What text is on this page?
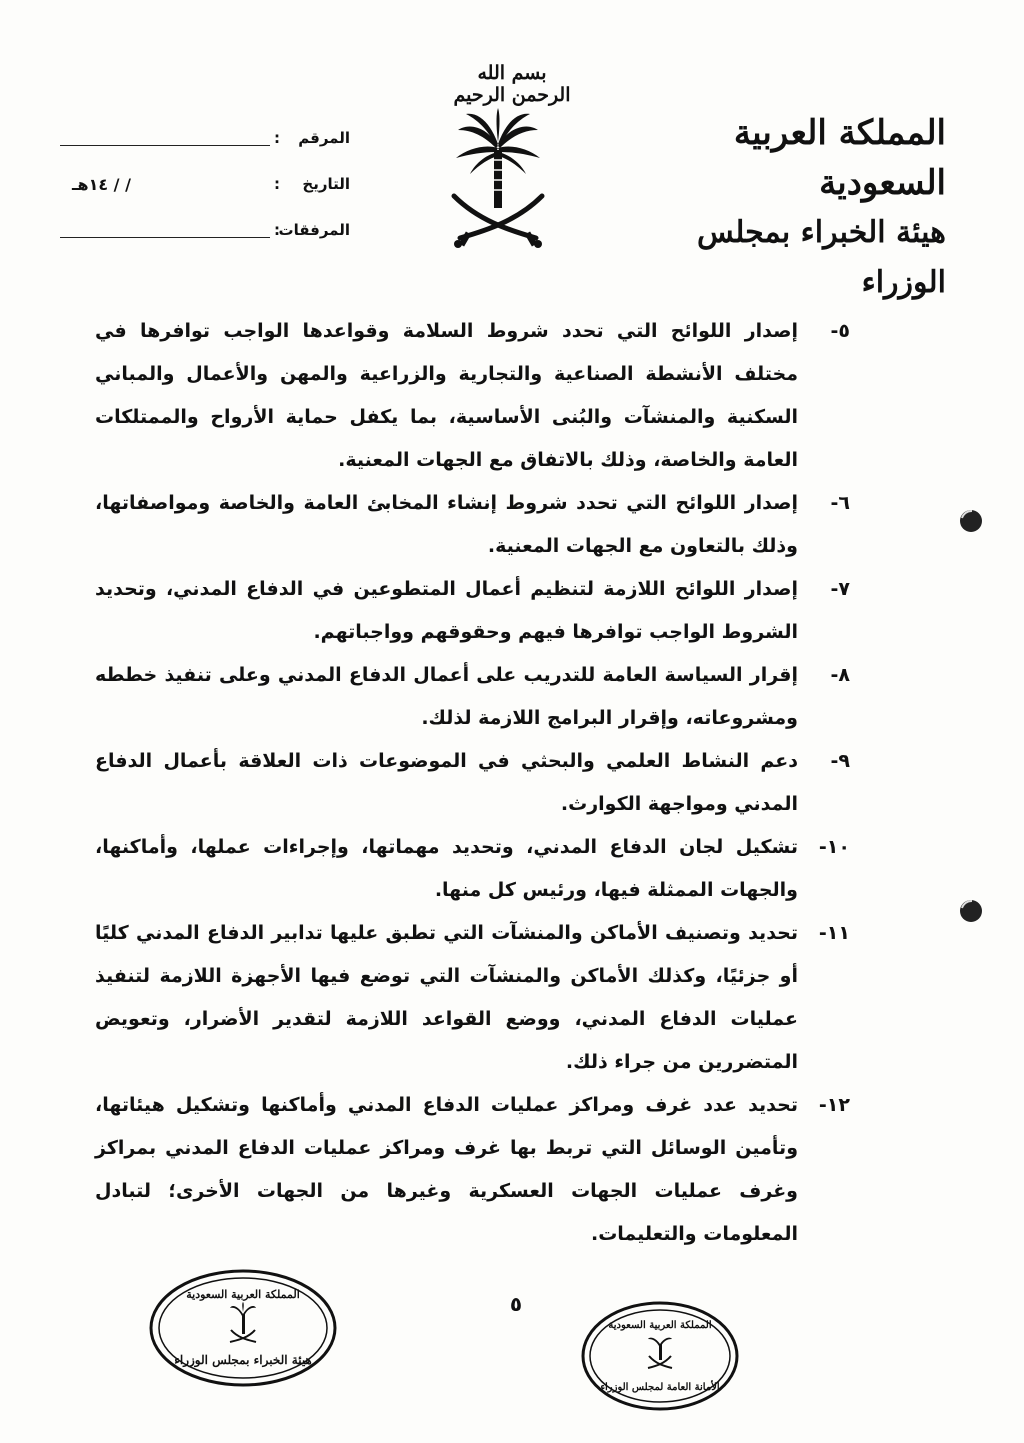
بسم الله الرحمن الرحيم
المملكة العربية السعودية
هيئة الخبراء بمجلس الوزراء
المرقم
:
التاريخ
:
/ / ١٤هـ
المرفقات
:
٥-
إصدار اللوائح التي تحدد شروط السلامة وقواعدها الواجب توافرها في مختلف الأنشطة الصناعية والتجارية والزراعية والمهن والأعمال والمباني السكنية والمنشآت والبُنى الأساسية، بما يكفل حماية الأرواح والممتلكات العامة والخاصة، وذلك بالاتفاق مع الجهات المعنية.
٦-
إصدار اللوائح التي تحدد شروط إنشاء المخابئ العامة والخاصة ومواصفاتها، وذلك بالتعاون مع الجهات المعنية.
٧-
إصدار اللوائح اللازمة لتنظيم أعمال المتطوعين في الدفاع المدني، وتحديد الشروط الواجب توافرها فيهم وحقوقهم وواجباتهم.
٨-
إقرار السياسة العامة للتدريب على أعمال الدفاع المدني وعلى تنفيذ خططه ومشروعاته، وإقرار البرامج اللازمة لذلك.
٩-
دعم النشاط العلمي والبحثي في الموضوعات ذات العلاقة بأعمال الدفاع المدني ومواجهة الكوارث.
١٠-
تشكيل لجان الدفاع المدني، وتحديد مهماتها، وإجراءات عملها، وأماكنها، والجهات الممثلة فيها، ورئيس كل منها.
١١-
تحديد وتصنيف الأماكن والمنشآت التي تطبق عليها تدابير الدفاع المدني كليًا أو جزئيًا، وكذلك الأماكن والمنشآت التي توضع فيها الأجهزة اللازمة لتنفيذ عمليات الدفاع المدني، ووضع القواعد اللازمة لتقدير الأضرار، وتعويض المتضررين من جراء ذلك.
١٢-
تحديد عدد غرف ومراكز عمليات الدفاع المدني وأماكنها وتشكيل هيئاتها، وتأمين الوسائل التي تربط بها غرف ومراكز عمليات الدفاع المدني بمراكز وغرف عمليات الجهات العسكرية وغيرها من الجهات الأخرى؛ لتبادل المعلومات والتعليمات.
٥
المملكة العربية السعودية
هيئة الخبراء بمجلس الوزراء
المملكة العربية السعودية
الأمانة العامة لمجلس الوزراء
